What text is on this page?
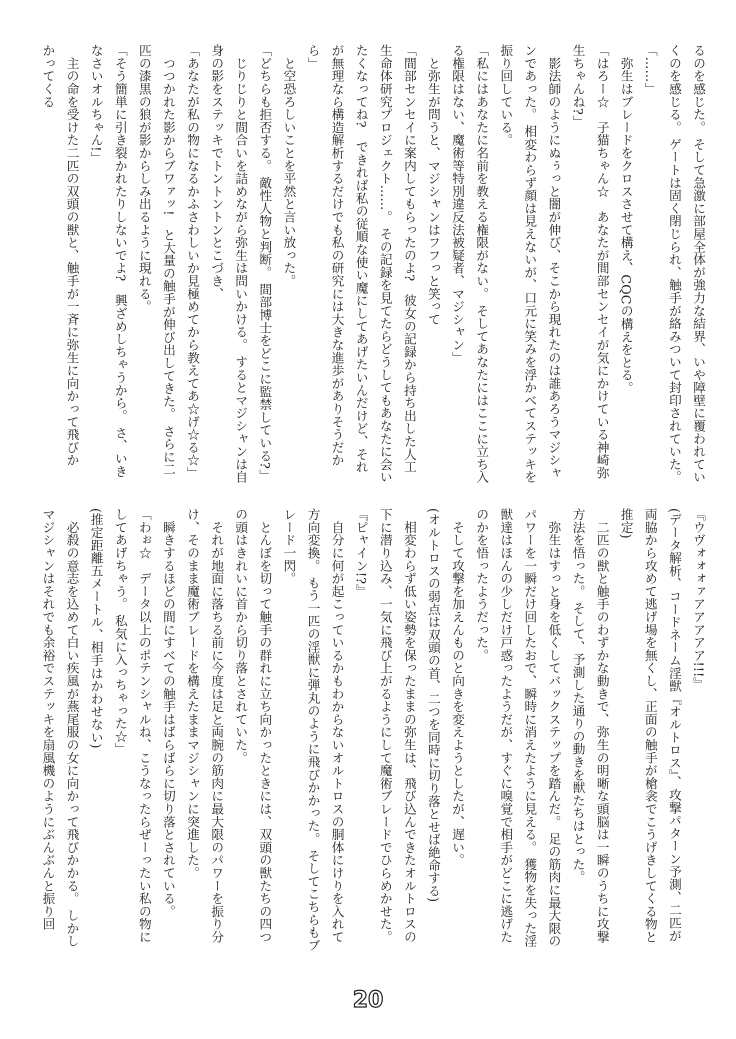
るのを感じた。 そして急激に部屋全体が強力な結界、いや障壁に覆われてい
くのを感じる。 ゲートは固く閉じられ、触手が絡みついて封印されていた。
「……」
　弥生はブレードをクロスさせて構え、CQCの構えをとる。
「はろー☆　子猫ちゃん☆　あなたが間部センセイが気にかけている神崎弥
生ちゃんね?」
　影法師のようにぬぅっと闇が伸び、そこから現れたのは誰あろうマジシャ
ンであった。 相変わらず顔は見えないが、口元に笑みを浮かべてステッキを
振り回している。
「私にはあなたに名前を教える権限がない。 そしてあなたにはここに立ち入
る権限はない、魔術等特別違反法被疑者、マジシャン」
　と弥生が問うと、マジシャンはフフっと笑って
「間部センセイに案内してもらったのよ?　彼女の記録から持ち出した人工
生命体研究プロジェクト……。 その記録を見てたらどうしてもあなたに会い
たくなってね?　できれば私の従順な使い魔にしてあげたいんだけど、それ
が無理なら構造解析するだけでも私の研究には大きな進歩がありそうだか
ら」
　と空恐ろしいことを平然と言い放った。
「どちらも拒否する。 敵性人物と判断。 間部博士をどこに監禁している?」
　じりじりと間合いを詰めながら弥生は問いかける。 するとマジシャンは自
身の影をステッキでトントントンとこづき、
「あなたが私の物になるかふさわしいか見極めてから教えてあ☆げ☆る☆」
　つつかれた影からブワァッ!　と大量の触手が伸び出してきた。 さらに二
匹の漆黒の狼が影からしみ出るように現れる。
「そう簡単に引き裂かれたりしないでよ?　興ざめしちゃうから。 さ、いき
なさいオルちゃん!」
　主の命を受けた二匹の双頭の獣と、触手が一斉に弥生に向かって飛びか
かってくる
『ウヴォォォァアアアアア!!!』
(データ解析、コードネーム淫獣『オルトロス』、攻撃パターン予測、二匹が
両脇から攻めて逃げ場を無くし、正面の触手が槍衾でこうげきしてくる物と
推定)
　二匹の獣と触手のわずかな動きで、弥生の明晰な頭脳は一瞬のうちに攻撃
方法を悟った。 そして、予測した通りの動きを獣たちはとった。
　弥生はすっと身を低くしてバックステップを踏んだ。 足の筋肉に最大限の
パワーを一瞬だけ回したおで、瞬時に消えたように見える。 獲物を失った淫
獣達はほんの少しだけ戸惑ったようだが、すぐに嗅覚で相手がどこに逃げた
のかを悟ったようだった。
　そして攻撃を加えんものと向きを変えようとしたが、遅い。
(オルトロスの弱点は双頭の首、二つを同時に切り落とせば絶命する)
　相変わらず低い姿勢を保ったままの弥生は、飛び込んできたオルトロスの
下に潜り込み、一気に飛び上がるようにして魔術ブレードでひらめかせた。
『ピャイン!?』
　自分に何が起こっているかもわからないオルトロスの胴体にけりを入れて
方向変換。 もう一匹の淫獣に弾丸のように飛びかかった。 そしてこちらもブ
レード一閃。
　とんぼを切って触手の群れに立ち向かったときには、双頭の獣たちの四つ
の頭はきれいに首から切り落とされていた。
　それが地面に落ちる前に今度は足と両腕の筋肉に最大限のパワーを振り分
け、そのまま魔術ブレードを構えたままマジシャンに突進した。
　瞬きするほどの間にすべての触手はばらばらに切り落とされている。
「わぉ☆　データ以上のポテンシャルね、こうなったらぜーったい私の物に
してあげちゃう。 私気に入っちゃった☆」
(推定距離五メートル、相手はかわせない)
　必殺の意志を込めて白い疾風が燕尾服の女に向かって飛びかかる。 しかし
マジシャンはそれでも余裕でステッキを扇風機のようにぶんぶんと振り回
20
